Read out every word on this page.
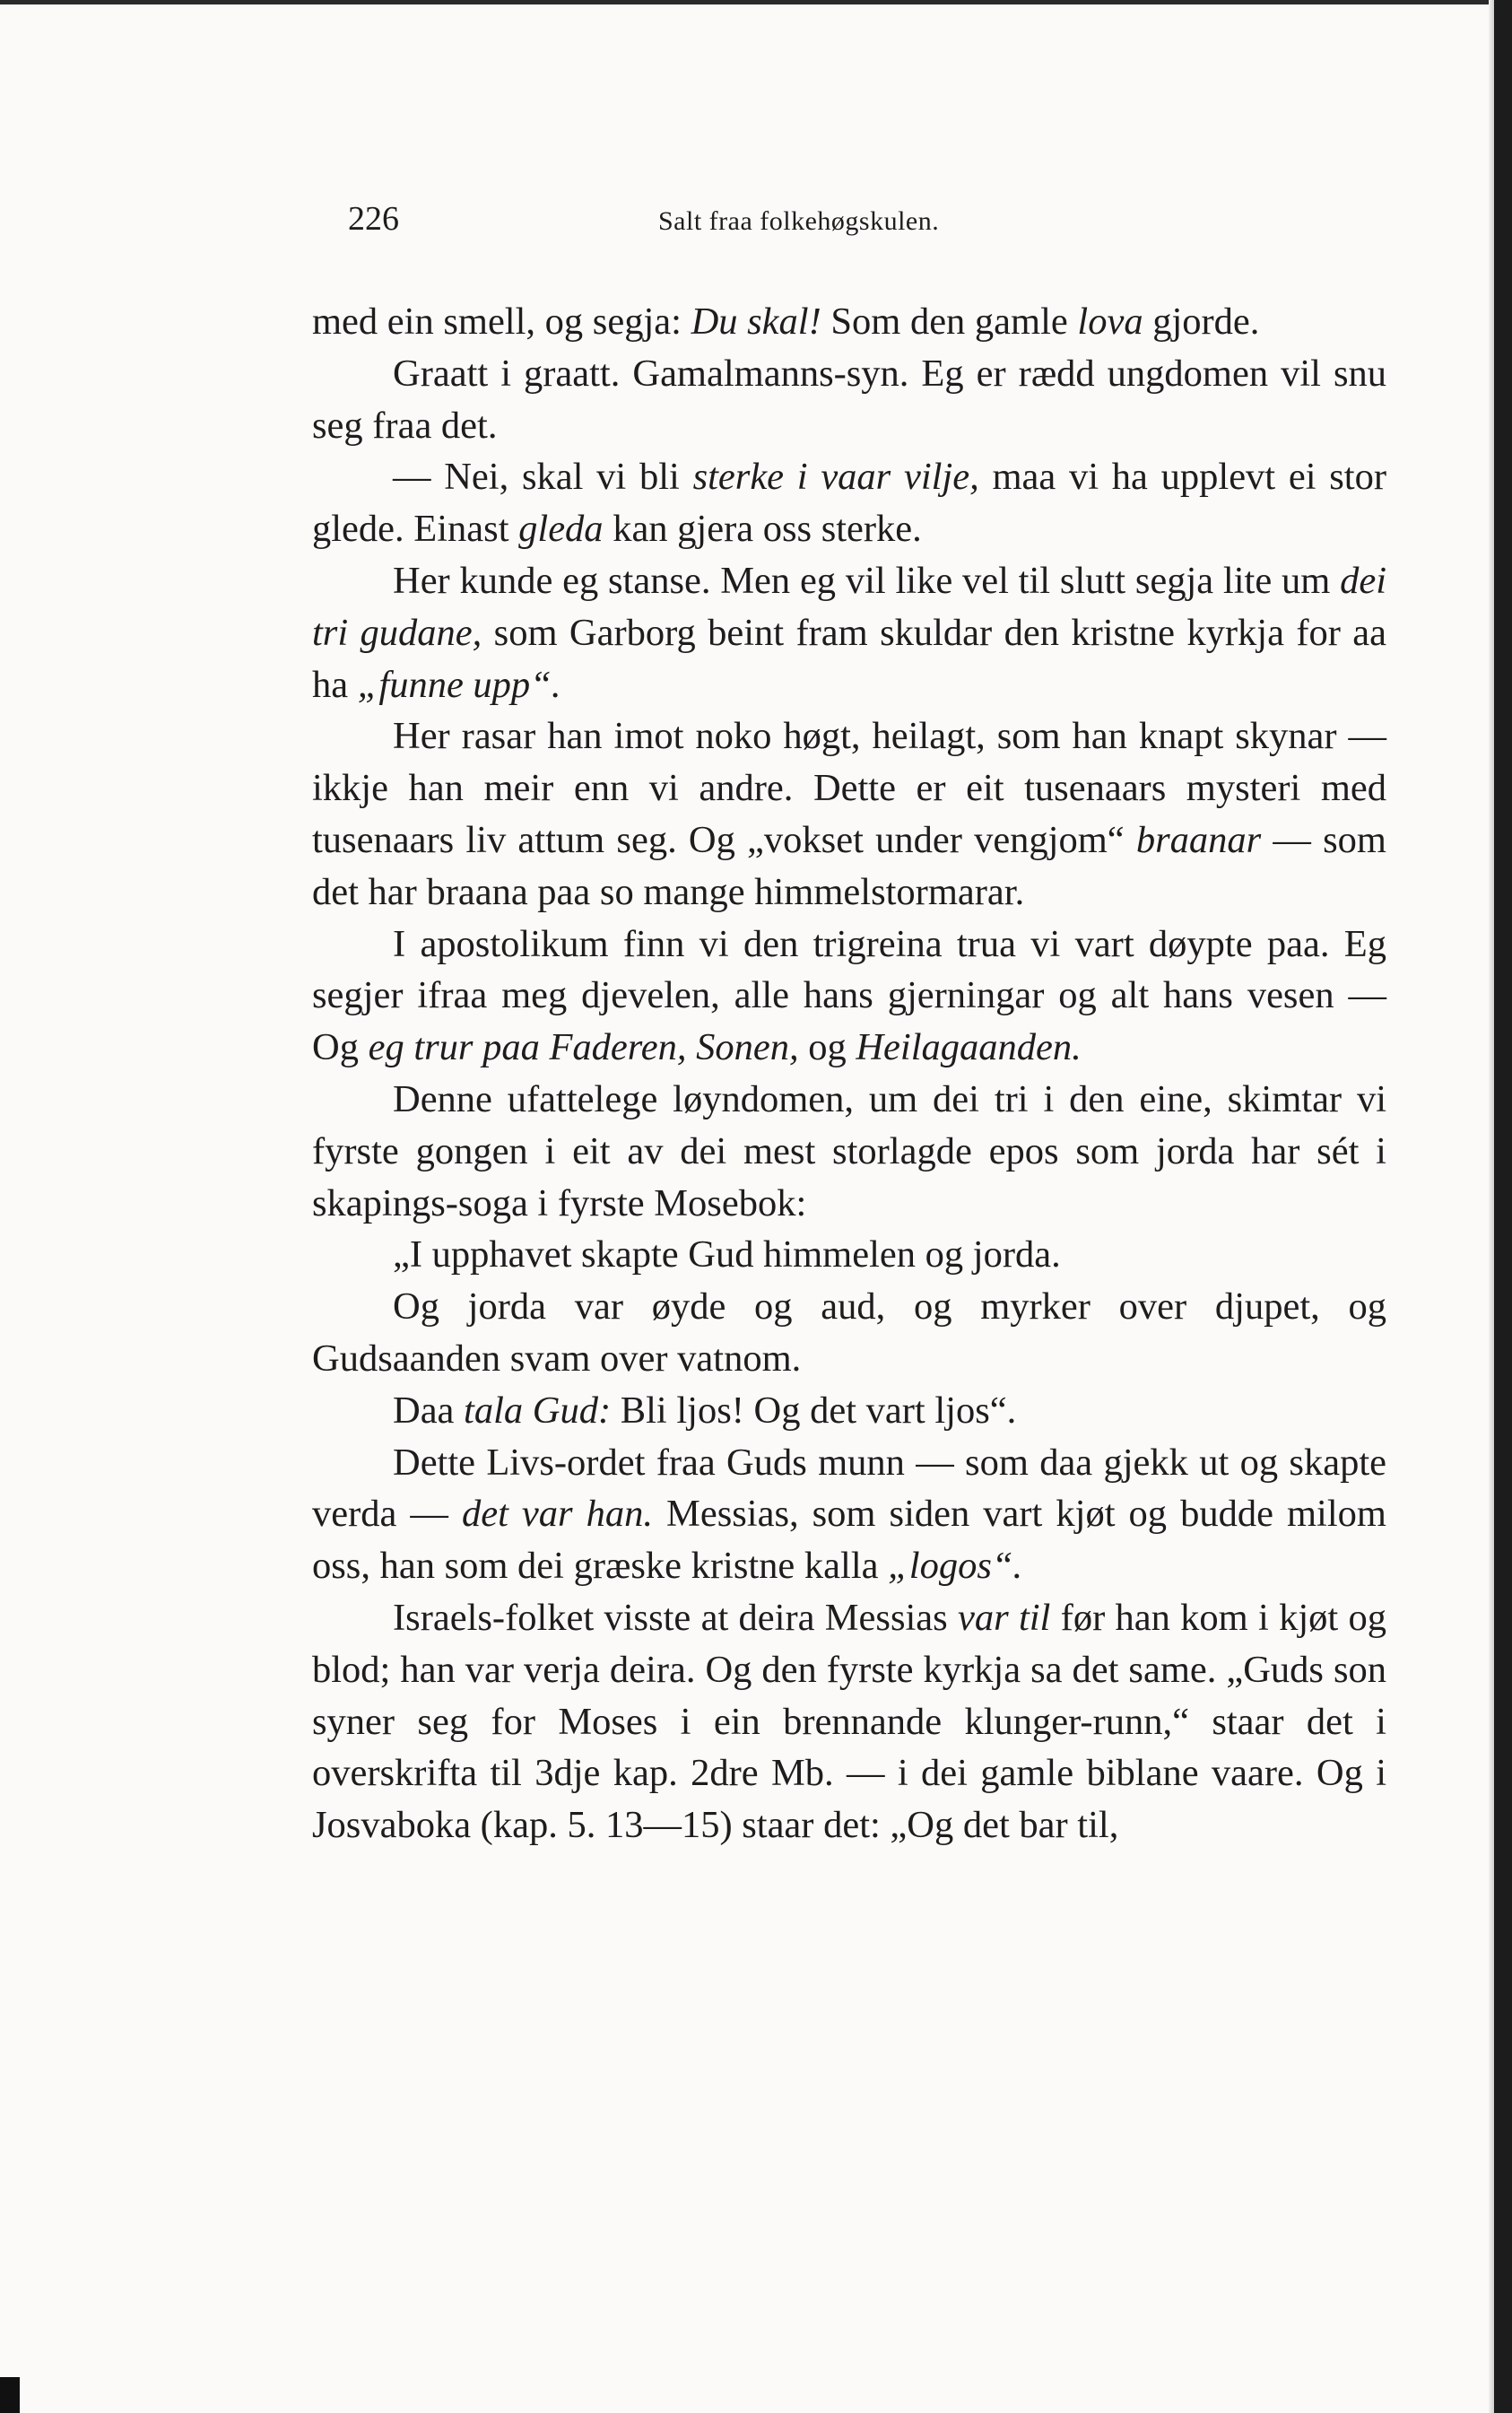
226	Salt fraa folkehøgskulen.

med ein smell, og segja: Du skal! Som den gamle lova gjorde.

Graatt i graatt. Gamalmanns-syn. Eg er rædd ungdomen vil snu seg fraa det.

— Nei, skal vi bli sterke i vaar vilje, maa vi ha upplevt ei stor glede. Einast gleda kan gjera oss sterke.

Her kunde eg stanse. Men eg vil like vel til slutt segja lite um dei tri gudane, som Garborg beint fram skuldar den kristne kyrkja for aa ha „funne upp“.

Her rasar han imot noko høgt, heilagt, som han knapt skynar — ikkje han meir enn vi andre. Dette er eit tusenaars mysteri med tusenaars liv attum seg. Og „vokset under vengjom“ braanar — som det har braana paa so mange himmelstormarar.

I apostolikum finn vi den trigreina trua vi vart døypte paa. Eg segjer ifraa meg djevelen, alle hans gjerningar og alt hans vesen — Og eg trur paa Faderen, Sonen, og Heilagaanden.

Denne ufattelege løyndomen, um dei tri i den eine, skimtar vi fyrste gongen i eit av dei mest storlagde epos som jorda har sét i skapings-soga i fyrste Mosebok:

„I upphavet skapte Gud himmelen og jorda.

Og jorda var øyde og aud, og myrker over djupet, og Gudsaanden svam over vatnom.

Daa tala Gud: Bli ljos! Og det vart ljos“.

Dette Livs-ordet fraa Guds munn — som daa gjekk ut og skapte verda — det var han. Messias, som siden vart kjøt og budde milom oss, han som dei græske kristne kalla „logos“.

Israels-folket visste at deira Messias var til før han kom i kjøt og blod; han var verja deira. Og den fyrste kyrkja sa det same. „Guds son syner seg for Moses i ein brennande klunger-runn,“ staar det i overskrifta til 3dje kap. 2dre Mb. — i dei gamle biblane vaare. Og i Josvaboka (kap. 5. 13—15) staar det: „Og det bar til,
